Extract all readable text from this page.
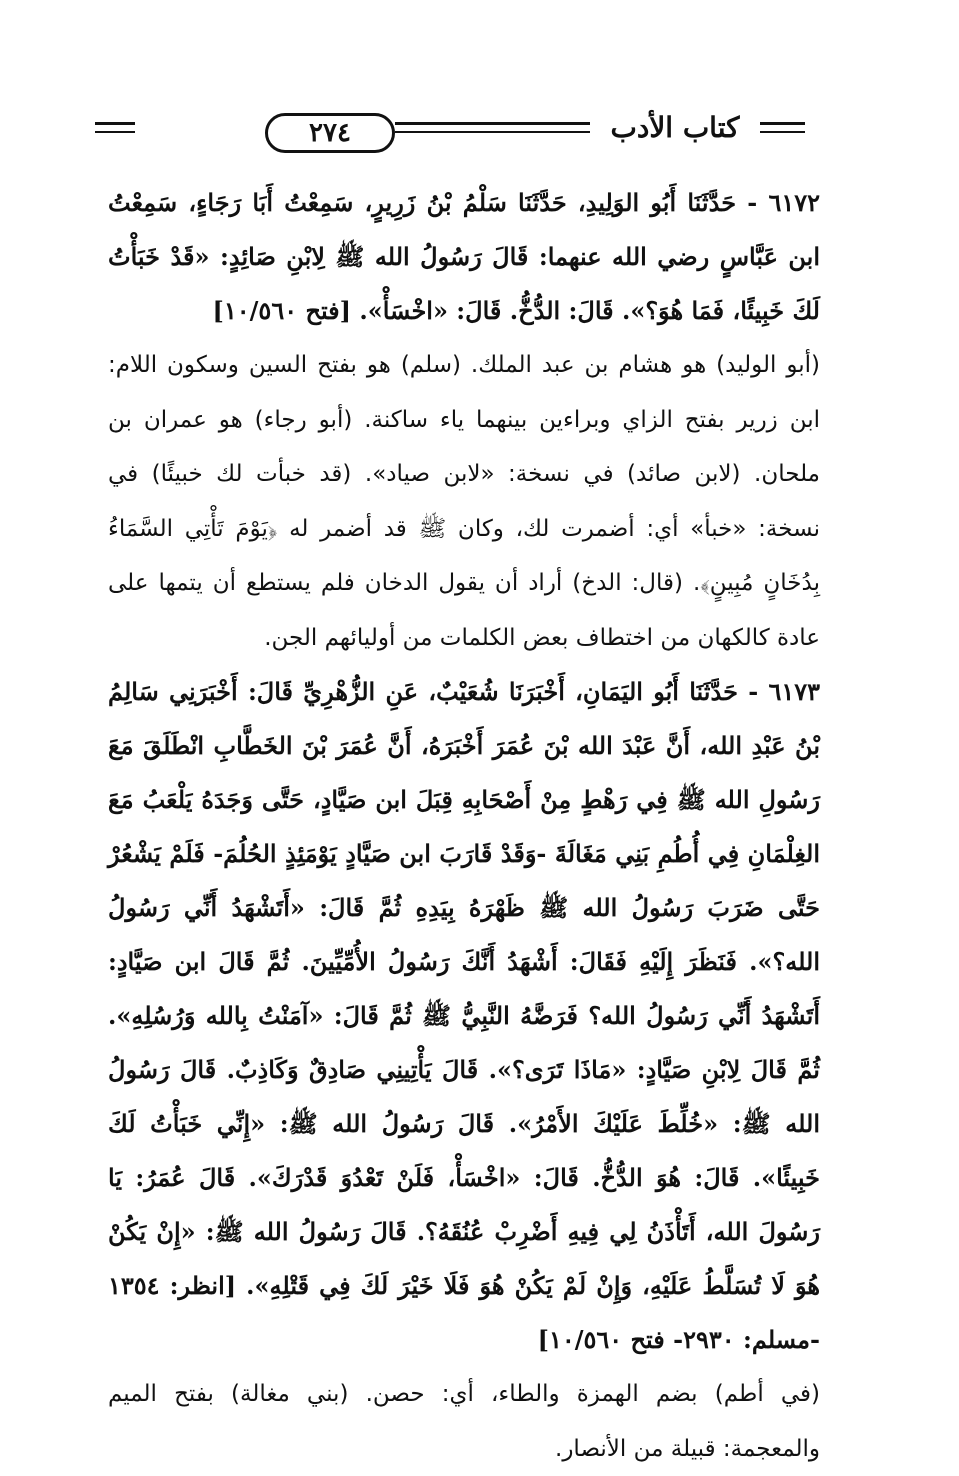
٢٧٤	كتاب الأدب

٦١٧٢ - حَدَّثَنَا أَبُو الوَلِيدِ، حَدَّثَنَا سَلْمُ بْنُ زَرِيرٍ، سَمِعْتُ أَبَا رَجَاءٍ، سَمِعْتُ ابن عَبَّاسٍ رضي الله عنهما: قَالَ رَسُولُ الله ﷺ لِابْنِ صَائِدٍ: «قَدْ خَبَأْتُ لَكَ خَبِيئًا، فَمَا هُوَ؟». قَالَ: الدُّخُّ. قَالَ: «اخْسَأْ». [فتح ١٠/٥٦٠]

(أبو الوليد) هو هشام بن عبد الملك. (سلم) هو بفتح السين وسكون اللام: ابن زرير بفتح الزاي وبراءين بينهما ياء ساكنة. (أبو رجاء) هو عمران بن ملحان. (لابن صائد) في نسخة: «لابن صياد». (قد خبأت لك خبيئًا) في نسخة: «خبأ» أي: أضمرت لك، وكان ﷺ قد أضمر له ﴿يَوْمَ تَأْتِي السَّمَاءُ بِدُخَانٍ مُبِينٍ﴾. (قال: الدخ) أراد أن يقول الدخان فلم يستطع أن يتمها على عادة كالكهان من اختطاف بعض الكلمات من أوليائهم الجن.

٦١٧٣ - حَدَّثَنَا أَبُو اليَمَانِ، أَخْبَرَنَا شُعَيْبٌ، عَنِ الزُّهْرِيِّ قَالَ: أَخْبَرَنِي سَالِمُ بْنُ عَبْدِ الله، أَنَّ عَبْدَ الله بْنَ عُمَرَ أَخْبَرَهُ، أَنَّ عُمَرَ بْنَ الخَطَّابِ انْطَلَقَ مَعَ رَسُولِ الله ﷺ فِي رَهْطٍ مِنْ أَصْحَابِهِ قِبَلَ ابن صَيَّادٍ، حَتَّى وَجَدَهُ يَلْعَبُ مَعَ الغِلْمَانِ فِي أُطُمِ بَنِي مَغَالَةَ -وَقَدْ قَارَبَ ابن صَيَّادٍ يَوْمَئِذٍ الحُلُمَ- فَلَمْ يَشْعُرْ حَتَّى ضَرَبَ رَسُولُ الله ﷺ ظَهْرَهُ بِيَدِهِ ثُمَّ قَالَ: «أَتَشْهَدُ أَنِّي رَسُولُ الله؟». فَنَظَرَ إِلَيْهِ فَقَالَ: أَشْهَدُ أَنَّكَ رَسُولُ الأُمِّيِّينَ. ثُمَّ قَالَ ابن صَيَّادٍ: أَتَشْهَدُ أَنِّي رَسُولُ الله؟ فَرَضَّهُ النَّبِيُّ ﷺ ثُمَّ قَالَ: «آمَنْتُ بِالله وَرُسُلِهِ». ثُمَّ قَالَ لِابْنِ صَيَّادٍ: «مَاذَا تَرَى؟». قَالَ يَأْتِينِي صَادِقٌ وَكَاذِبٌ. قَالَ رَسُولُ الله ﷺ: «خُلِّطَ عَلَيْكَ الأَمْرُ». قَالَ رَسُولُ الله ﷺ: «إِنِّي خَبَأْتُ لَكَ خَبِيئًا». قَالَ: هُوَ الدُّخُّ. قَالَ: «اخْسَأْ، فَلَنْ تَعْدُوَ قَدْرَكَ». قَالَ عُمَرُ: يَا رَسُولَ الله، أَتَأْذَنُ لِي فِيهِ أَضْرِبْ عُنُقَهُ؟. قَالَ رَسُولُ الله ﷺ: «إِنْ يَكُنْ هُوَ لَا تُسَلَّطُ عَلَيْهِ، وَإِنْ لَمْ يَكُنْ هُوَ فَلَا خَيْرَ لَكَ فِي قَتْلِهِ». [انظر: ١٣٥٤ -مسلم: ٢٩٣٠- فتح ١٠/٥٦٠]

(في أطم) بضم الهمزة والطاء، أي: حصن. (بني مغالة) بفتح الميم والمعجمة: قبيلة من الأنصار.
